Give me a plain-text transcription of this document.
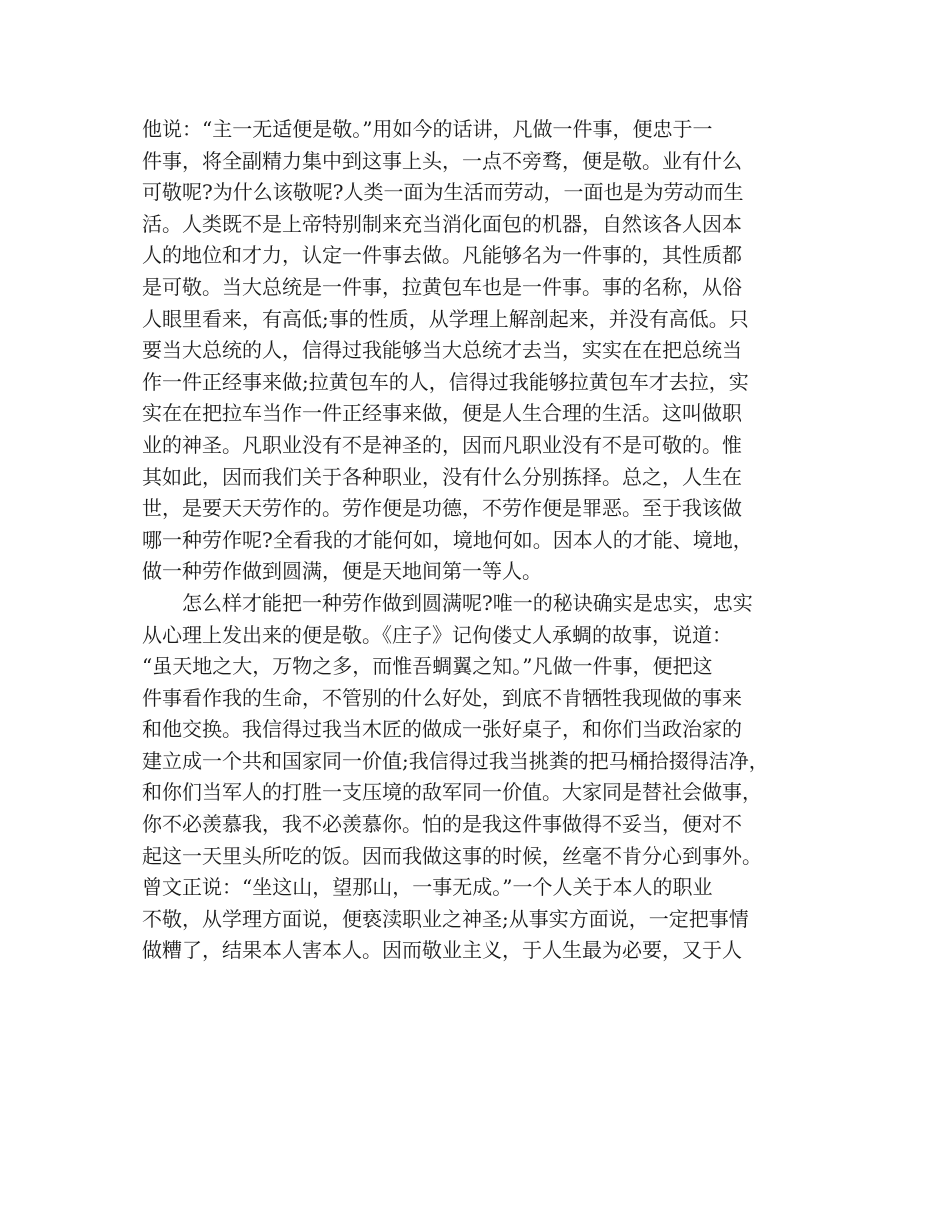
他说：“主一无适便是敬。”用如今的话讲，凡做一件事，便忠于一
件事，将全副精力集中到这事上头，一点不旁骛，便是敬。业有什么
可敬呢?为什么该敬呢?人类一面为生活而劳动，一面也是为劳动而生
活。人类既不是上帝特别制来充当消化面包的机器，自然该各人因本
人的地位和才力，认定一件事去做。凡能够名为一件事的，其性质都
是可敬。当大总统是一件事，拉黄包车也是一件事。事的名称，从俗
人眼里看来，有高低;事的性质，从学理上解剖起来，并没有高低。只
要当大总统的人，信得过我能够当大总统才去当，实实在在把总统当
作一件正经事来做;拉黄包车的人，信得过我能够拉黄包车才去拉，实
实在在把拉车当作一件正经事来做，便是人生合理的生活。这叫做职
业的神圣。凡职业没有不是神圣的，因而凡职业没有不是可敬的。惟
其如此，因而我们关于各种职业，没有什么分别拣择。总之，人生在
世，是要天天劳作的。劳作便是功德，不劳作便是罪恶。至于我该做
哪一种劳作呢?全看我的才能何如，境地何如。因本人的才能、境地，
做一种劳作做到圆满，便是天地间第一等人。
怎么样才能把一种劳作做到圆满呢?唯一的秘诀确实是忠实，忠实
从心理上发出来的便是敬。《庄子》记佝偻丈人承蜩的故事，说道：
“虽天地之大，万物之多，而惟吾蜩翼之知。”凡做一件事，便把这
件事看作我的生命，不管别的什么好处，到底不肯牺牲我现做的事来
和他交换。我信得过我当木匠的做成一张好桌子，和你们当政治家的
建立成一个共和国家同一价值;我信得过我当挑粪的把马桶拾掇得洁净，
和你们当军人的打胜一支压境的敌军同一价值。大家同是替社会做事，
你不必羡慕我，我不必羡慕你。怕的是我这件事做得不妥当，便对不
起这一天里头所吃的饭。因而我做这事的时候，丝毫不肯分心到事外。
曾文正说：“坐这山，望那山，一事无成。”一个人关于本人的职业
不敬，从学理方面说，便亵渎职业之神圣;从事实方面说，一定把事情
做糟了，结果本人害本人。因而敬业主义，于人生最为必要，又于人
